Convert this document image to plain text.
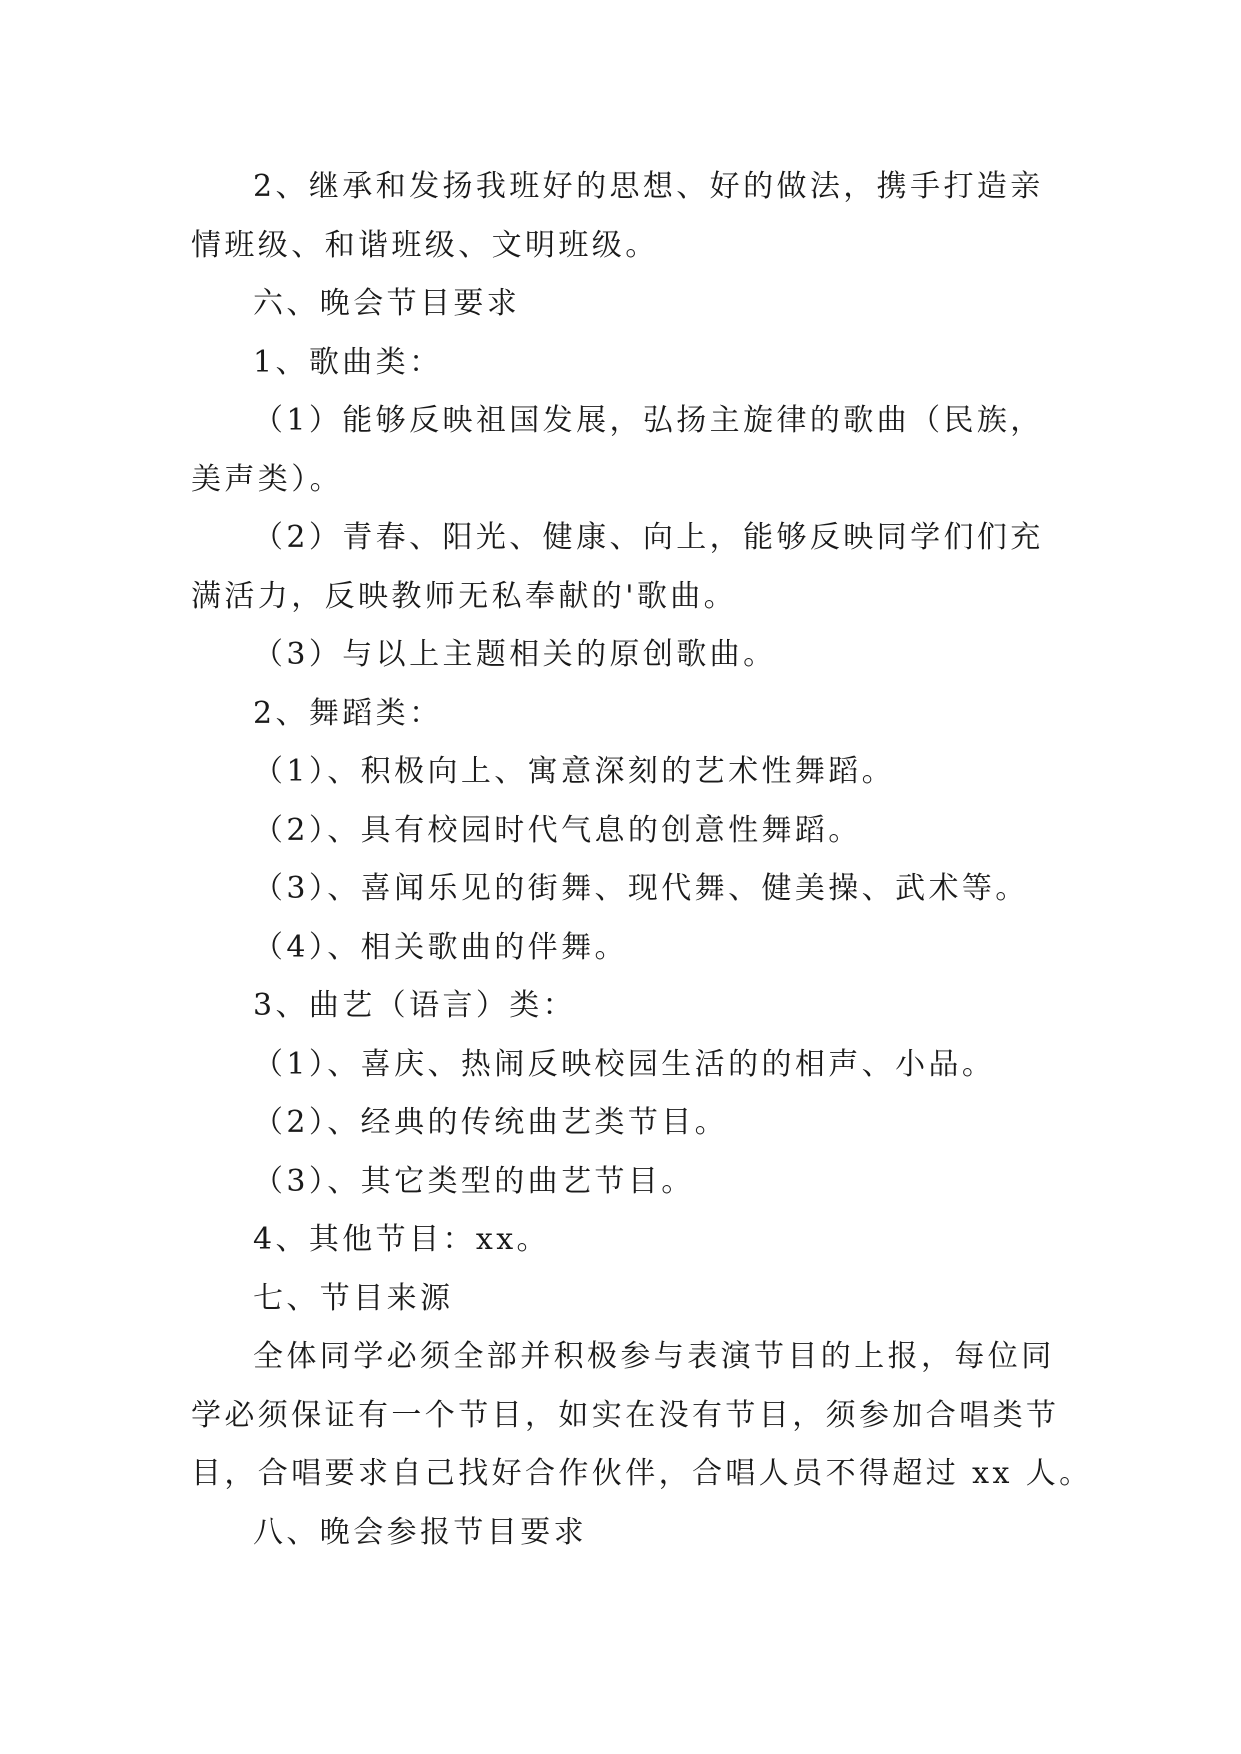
2、继承和发扬我班好的思想、好的做法，携手打造亲

情班级、和谐班级、文明班级。

六、晚会节目要求

1、歌曲类：

（1）能够反映祖国发展，弘扬主旋律的歌曲（民族，

美声类）。

（2）青春、阳光、健康、向上，能够反映同学们们充

满活力，反映教师无私奉献的'歌曲。

（3）与以上主题相关的原创歌曲。

2、舞蹈类：

（1）、积极向上、寓意深刻的艺术性舞蹈。

（2）、具有校园时代气息的创意性舞蹈。

（3）、喜闻乐见的街舞、现代舞、健美操、武术等。

（4）、相关歌曲的伴舞。

3、曲艺（语言）类：

（1）、喜庆、热闹反映校园生活的的相声、小品。

（2）、经典的传统曲艺类节目。

（3）、其它类型的曲艺节目。

4、其他节目：xx。

七、节目来源

全体同学必须全部并积极参与表演节目的上报，每位同

学必须保证有一个节目，如实在没有节目，须参加合唱类节

目，合唱要求自己找好合作伙伴，合唱人员不得超过 xx 人。

八、晚会参报节目要求
